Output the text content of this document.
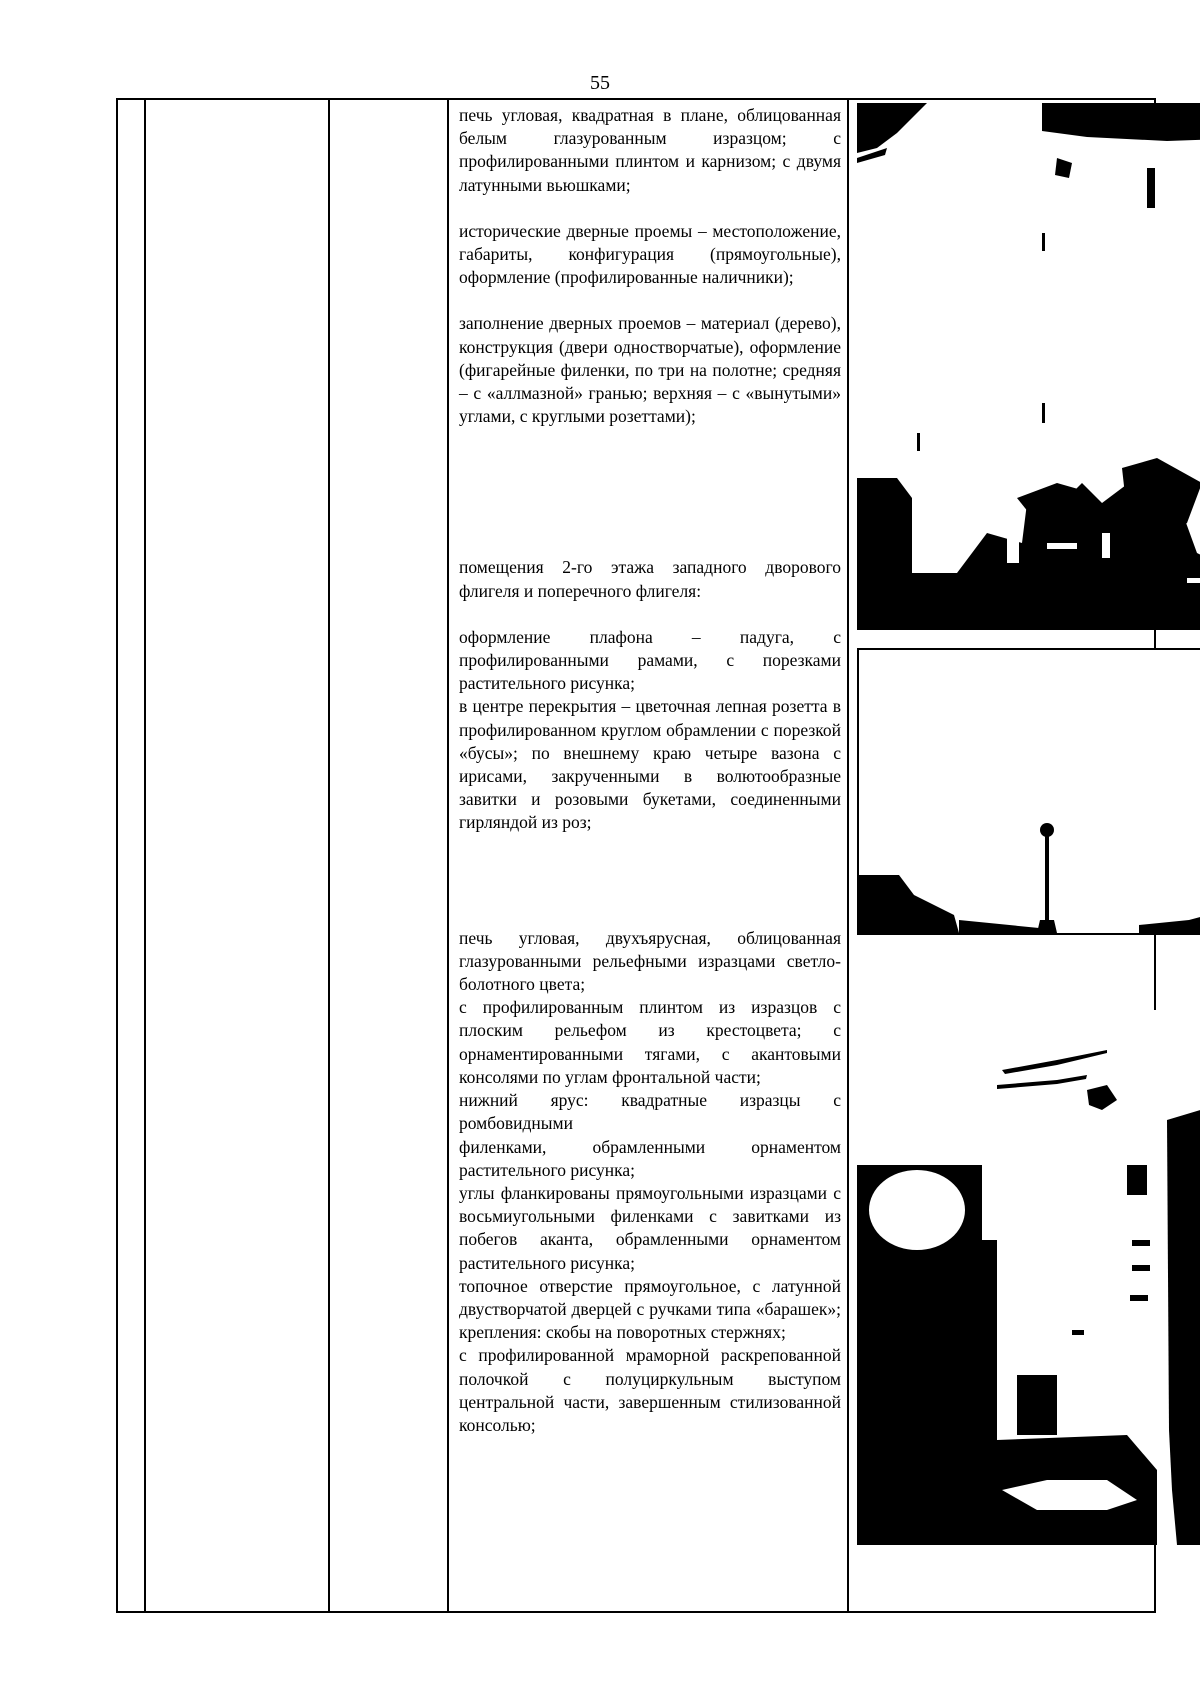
55

печь угловая, квадратная в плане, облицованная белым глазурованным изразцом; с профилированными плинтом и карнизом; с двумя латунными вьюшками;

исторические дверные проемы – местоположение, габариты, конфигурация (прямоугольные), оформление (профилированные наличники);

заполнение дверных проемов – материал (дерево), конструкция (двери одностворчатые), оформление (фигарейные филенки, по три на полотне; средняя – с «аллмазной» гранью; верхняя – с «вынутыми» углами, с круглыми розеттами);

помещения 2-го этажа западного дворового флигеля и поперечного флигеля:

оформление плафона – падуга, с профилированными рамами, с порезками растительного рисунка;

в центре перекрытия – цветочная лепная розетта в профилированном круглом обрамлении с порезкой «бусы»; по внешнему краю четыре вазона с ирисами, закрученными в волютообразные завитки и розовыми букетами, соединенными гирляндой из роз;

печь угловая, двухъярусная, облицованная глазурованными рельефными изразцами светло-болотного цвета;

с профилированным плинтом из изразцов с плоским рельефом из крестоцвета; с орнаментированными тягами, с акантовыми консолями по углам фронтальной части;

нижний ярус: квадратные изразцы с ромбовидными

филенками, обрамленными орнаментом растительного рисунка;

углы фланкированы прямоугольными изразцами с восьмиугольными филенками с завитками из побегов аканта, обрамленными орнаментом растительного рисунка;

топочное отверстие прямоугольное, с латунной двустворчатой дверцей с ручками типа «барашек»; крепления: скобы на поворотных стержнях;

с профилированной мраморной раскрепованной полочкой с полуциркульным выступом центральной части, завершенным стилизованной консолью;
